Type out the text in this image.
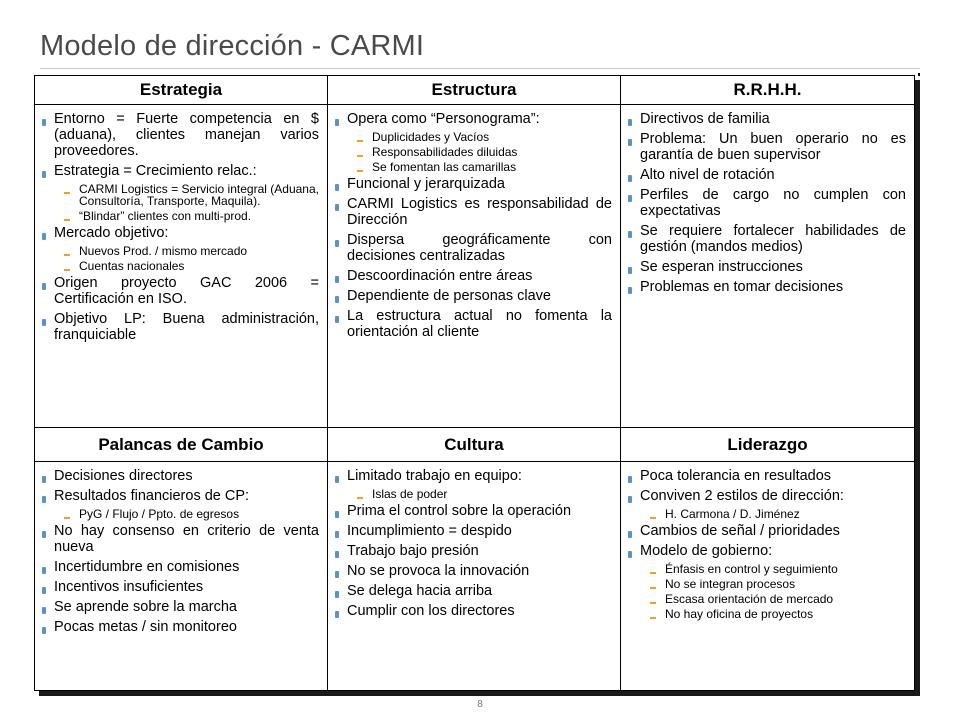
Modelo de dirección - CARMI
Estrategia	Estructura	R.R.H.H.
Entorno = Fuerte competencia en $ (aduana), clientes manejan varios proveedores.
Estrategia = Crecimiento relac.:
CARMI Logistics = Servicio integral (Aduana, Consultoría, Transporte, Maquila).
“Blindar” clientes con multi-prod.
Mercado objetivo:
Nuevos Prod. / mismo mercado
Cuentas nacionales
Origen proyecto GAC 2006 = Certificación en ISO.
Objetivo LP: Buena administración, franquiciable
Opera como “Personograma”:
Duplicidades y Vacíos
Responsabilidades diluidas
Se fomentan las camarillas
Funcional y jerarquizada
CARMI Logistics es responsabilidad de Dirección
Dispersa geográficamente con decisiones centralizadas
Descoordinación entre áreas
Dependiente de personas clave
La estructura actual no fomenta la orientación al cliente
Directivos de familia
Problema: Un buen operario no es garantía de buen supervisor
Alto nivel de rotación
Perfiles de cargo no cumplen con expectativas
Se requiere fortalecer habilidades de gestión (mandos medios)
Se esperan instrucciones
Problemas en tomar decisiones
Palancas de Cambio	Cultura	Liderazgo
Decisiones directores
Resultados financieros de CP:
PyG / Flujo / Ppto. de egresos
No hay consenso en criterio de venta nueva
Incertidumbre en comisiones
Incentivos insuficientes
Se aprende sobre la marcha
Pocas metas / sin monitoreo
Limitado trabajo en equipo:
Islas de poder
Prima el control sobre la operación
Incumplimiento = despido
Trabajo bajo presión
No se provoca la innovación
Se delega hacia arriba
Cumplir con los directores
Poca tolerancia en resultados
Conviven 2 estilos de dirección:
H. Carmona / D. Jiménez
Cambios de señal / prioridades
Modelo de gobierno:
Énfasis en control y seguimiento
No se integran procesos
Escasa orientación de mercado
No hay oficina de proyectos
8
